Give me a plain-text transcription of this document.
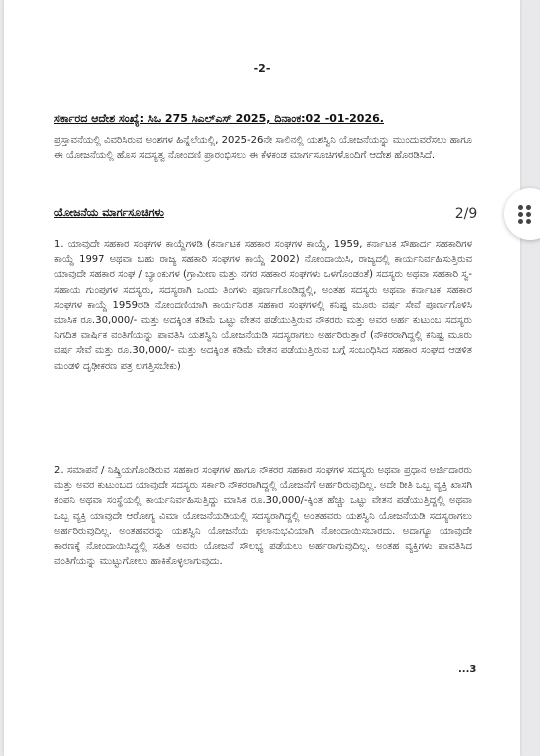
-2-
ಸರ್ಕಾರದ ಆದೇಶ ಸಂಖ್ಯೆ: ಸಿಒ 275 ಸಿಎಲ್ಎಸ್ 2025, ದಿನಾಂಕ:02 -01-2026.
ಪ್ರಸ್ತಾವನೆಯಲ್ಲಿ ವಿವರಿಸಿರುವ ಅಂಶಗಳ ಹಿನ್ನೆಲೆಯಲ್ಲಿ, 2025-26ನೇ ಸಾಲಿನಲ್ಲಿ ಯಶಸ್ವಿನಿ ಯೋಜನೆಯನ್ನು ಮುಂದುವರೆಸಲು ಹಾಗೂ ಈ ಯೋಜನೆಯಲ್ಲಿ ಹೊಸ ಸದಸ್ಯತ್ವ ನೋಂದಣಿ ಪ್ರಾರಂಭಿಸಲು ಈ ಕೆಳಕಂಡ ಮಾರ್ಗಸೂಚಿಗಳೊಂದಿಗೆ ಆದೇಶ ಹೊರಡಿಸಿದೆ.
ಯೋಜನೆಯ ಮಾರ್ಗಸೂಚಿಗಳು
1. ಯಾವುದೇ ಸಹಕಾರ ಸಂಘಗಳ ಕಾಯ್ದೆಗಳಡಿ (ಕರ್ನಾಟಕ ಸಹಕಾರ ಸಂಘಗಳ ಕಾಯ್ದೆ, 1959, ಕರ್ನಾಟಕ ಸೌಹಾರ್ದ ಸಹಕಾರಿಗಳ ಕಾಯ್ದೆ 1997 ಅಥವಾ ಬಹು ರಾಜ್ಯ ಸಹಕಾರಿ ಸಂಘಗಳ ಕಾಯ್ದೆ 2002) ನೋಂದಾಯಿಸಿ, ರಾಜ್ಯದಲ್ಲಿ ಕಾರ್ಯನಿರ್ವಹಿಸುತ್ತಿರುವ ಯಾವುದೇ ಸಹಕಾರ ಸಂಘ / ಬ್ಯಾಂಕುಗಳ (ಗ್ರಾಮೀಣ ಮತ್ತು ನಗರ ಸಹಕಾರ ಸಂಘಗಳು ಒಳಗೊಂಡಂತೆ) ಸದಸ್ಯರು ಅಥವಾ ಸಹಕಾರಿ ಸ್ವ-ಸಹಾಯ ಗುಂಪುಗಳ ಸದಸ್ಯರು, ಸದಸ್ಯರಾಗಿ ಒಂದು ತಿಂಗಳು ಪೂರ್ಣಗೊಂಡಿದ್ದಲ್ಲಿ, ಅಂತಹ ಸದಸ್ಯರು ಅಥವಾ ಕರ್ನಾಟಕ ಸಹಕಾರ ಸಂಘಗಳ ಕಾಯ್ದೆ 1959ರಡಿ ನೋಂದಣಿಯಾಗಿ ಕಾರ್ಯನಿರತ ಸಹಕಾರ ಸಂಘಗಳಲ್ಲಿ ಕನಿಷ್ಟ ಮೂರು ವರ್ಷ ಸೇವೆ ಪೂರ್ಣಗೊಳಿಸಿ ಮಾಸಿಕ ರೂ.30,000/- ಮತ್ತು ಅದಕ್ಕಿಂತ ಕಡಿಮೆ ಒಟ್ಟು ವೇತನ ಪಡೆಯುತ್ತಿರುವ ನೌಕರರು ಮತ್ತು ಅವರ ಅರ್ಹ ಕುಟುಂಬ ಸದಸ್ಯರು ನಿಗದಿತ ವಾರ್ಷಿಕ ವಂತಿಗೆಯನ್ನು ಪಾವತಿಸಿ ಯಶಸ್ವಿನಿ ಯೋಜನೆಯಡಿ ಸದಸ್ಯರಾಗಲು ಅರ್ಹರಿರುತ್ತಾರೆ (ನೌಕರರಾಗಿದ್ದಲ್ಲಿ ಕನಿಷ್ಟ ಮೂರು ವರ್ಷ ಸೇವೆ ಮತ್ತು ರೂ.30,000/- ಮತ್ತು ಅದಕ್ಕಿಂತ ಕಡಿಮೆ ವೇತನ ಪಡೆಯುತ್ತಿರುವ ಬಗ್ಗೆ ಸಂಬಂಧಿಸಿದ ಸಹಕಾರ ಸಂಘದ ಆಡಳಿತ ಮಂಡಳಿ ದೃಢೀಕರಣ ಪತ್ರ ಲಗತ್ತಿಸಬೇಕು)
2. ಸಮಾಪನೆ / ನಿಷ್ಕ್ರಿಯಗೊಂಡಿರುವ ಸಹಕಾರ ಸಂಘಗಳ ಹಾಗೂ ನೌಕರರ ಸಹಕಾರ ಸಂಘಗಳ ಸದಸ್ಯರು ಅಥವಾ ಪ್ರಧಾನ ಅರ್ಜಿದಾರರು ಮತ್ತು ಅವರ ಕುಟುಂಬದ ಯಾವುದೇ ಸದಸ್ಯರು ಸರ್ಕಾರಿ ನೌಕರರಾಗಿದ್ದಲ್ಲಿ ಯೋಜನೆಗೆ ಅರ್ಹರಿರುವುದಿಲ್ಲ. ಅದೇ ರೀತಿ ಒಬ್ಬ ವ್ಯಕ್ತಿ ಖಾಸಗಿ ಕಂಪನಿ ಅಥವಾ ಸಂಸ್ಥೆಯಲ್ಲಿ ಕಾರ್ಯನಿರ್ವಹಿಸುತ್ತಿದ್ದು ಮಾಸಿಕ ರೂ.30,000/-ಕ್ಕಿಂತ ಹೆಚ್ಚು ಒಟ್ಟು ವೇತನ ಪಡೆಯುತ್ತಿದ್ದಲ್ಲಿ ಅಥವಾ ಒಬ್ಬ ವ್ಯಕ್ತಿ ಯಾವುದೇ ಆರೋಗ್ಯ ವಿಮಾ ಯೋಜನೆಯಡಿಯಲ್ಲಿ ಸದಸ್ಯರಾಗಿದ್ದಲ್ಲಿ ಅಂತಹವರು ಯಶಸ್ವಿನಿ ಯೋಜನೆಯಡಿ ಸದಸ್ಯರಾಗಲು ಅರ್ಹರಿರುವುದಿಲ್ಲ. ಅಂತಹವರನ್ನು ಯಶಸ್ವಿನಿ ಯೋಜನೆಯ ಫಲಾನುಭವಿಯಾಗಿ ನೋಂದಾಯಿಸಬಾರದು. ಅದಾಗ್ಯೂ ಯಾವುದೇ ಕಾರಣಕ್ಕೆ ನೋಂದಾಯಿಸಿದ್ದಲ್ಲಿ ಸಹಿತ ಅವರು ಯೋಜನೆ ಸೌಲಭ್ಯ ಪಡೆಯಲು ಅರ್ಹರಾಗುವುದಿಲ್ಲ. ಅಂತಹ ವ್ಯಕ್ತಿಗಳು ಪಾವತಿಸಿದ ವಂತಿಗೆಯನ್ನು ಮುಟ್ಟುಗೋಲು ಹಾಕಿಕೊಳ್ಳಲಾಗುವುದು.
...3
2/9
